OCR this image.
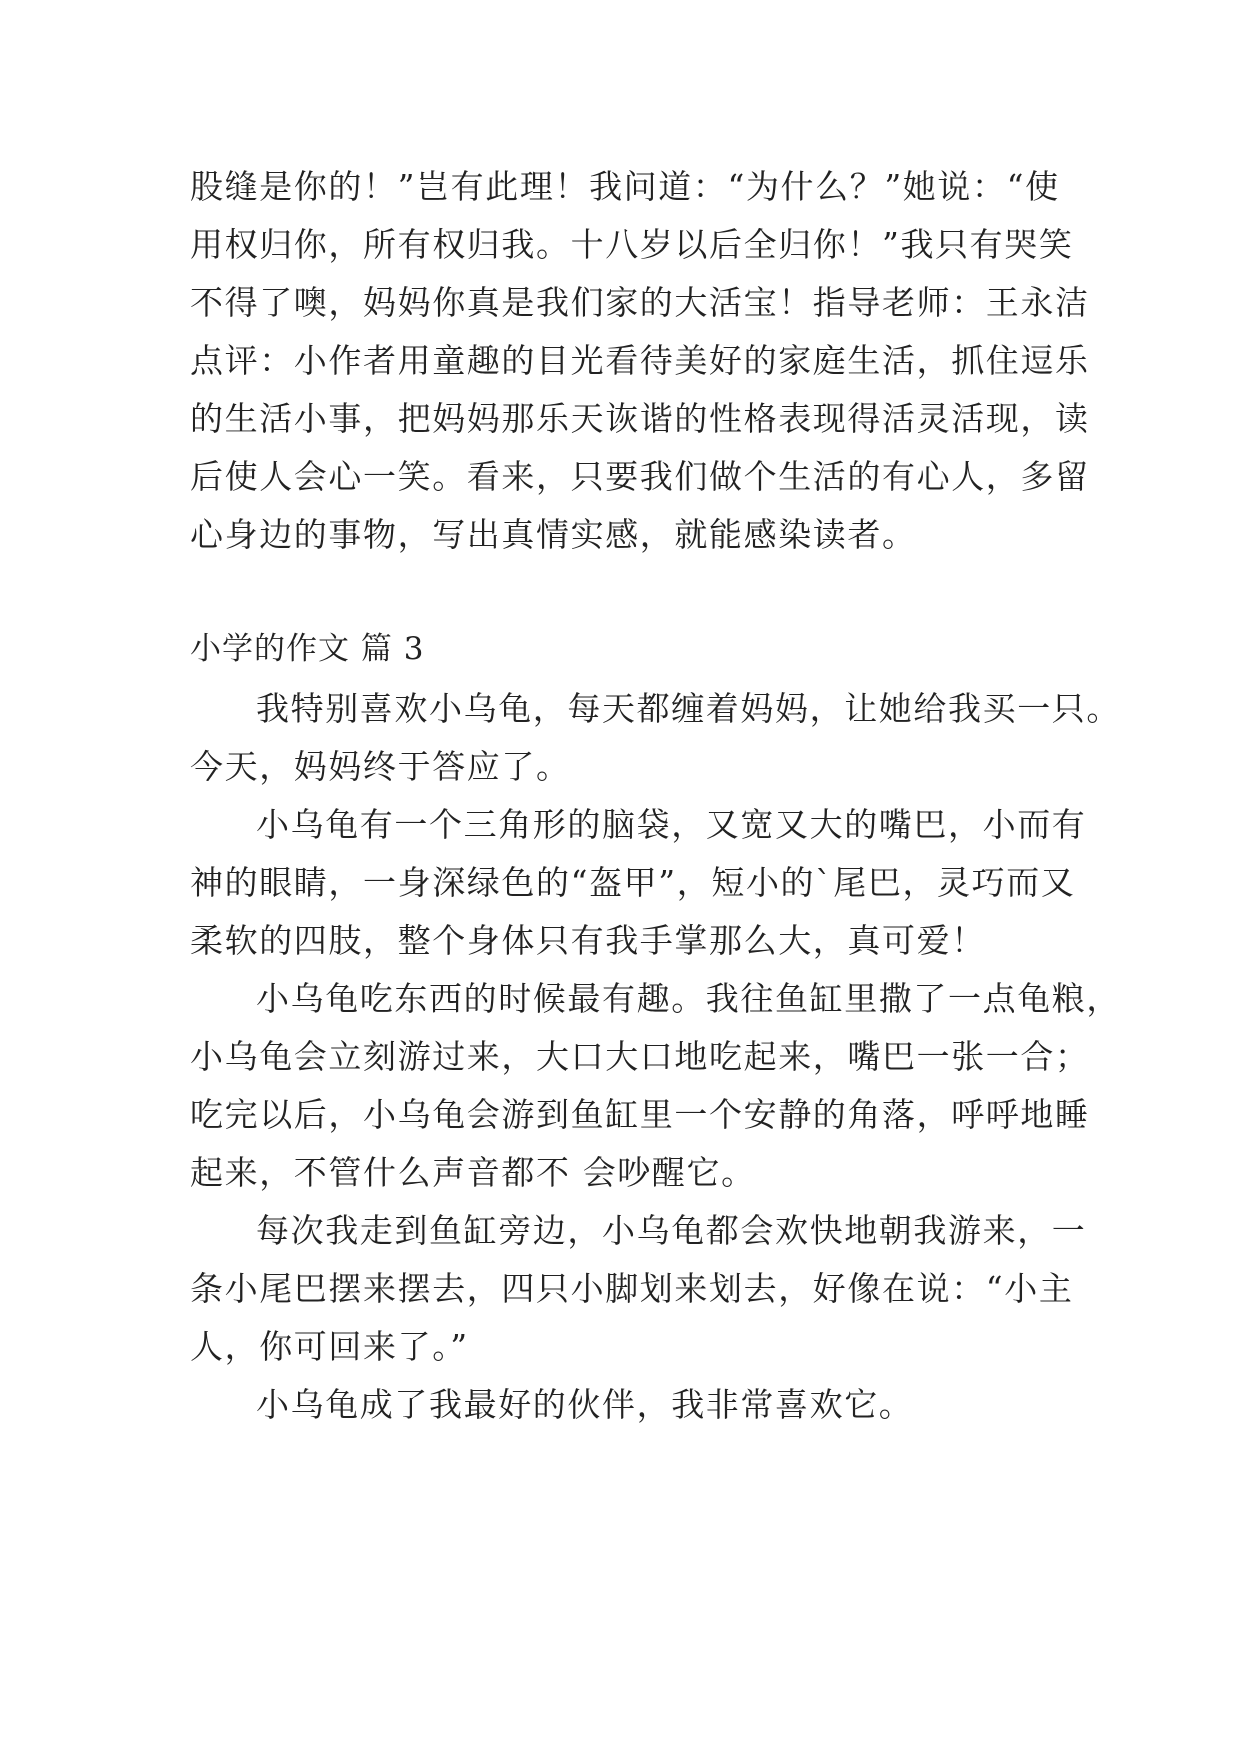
股缝是你的！”岂有此理！我问道：“为什么？”她说：“使
用权归你，所有权归我。十八岁以后全归你！”我只有哭笑
不得了噢，妈妈你真是我们家的大活宝！指导老师：王永洁
点评：小作者用童趣的目光看待美好的家庭生活，抓住逗乐
的生活小事，把妈妈那乐天诙谐的性格表现得活灵活现，读
后使人会心一笑。看来，只要我们做个生活的有心人，多留
心身边的事物，写出真情实感，就能感染读者。
小学的作文 篇 3
我特别喜欢小乌龟，每天都缠着妈妈，让她给我买一只。
今天，妈妈终于答应了。
小乌龟有一个三角形的脑袋，又宽又大的嘴巴，小而有
神的眼睛，一身深绿色的“盔甲”，短小的`尾巴，灵巧而又
柔软的四肢，整个身体只有我手掌那么大，真可爱！
小乌龟吃东西的时候最有趣。我往鱼缸里撒了一点龟粮，
小乌龟会立刻游过来，大口大口地吃起来，嘴巴一张一合；
吃完以后，小乌龟会游到鱼缸里一个安静的角落，呼呼地睡
起来，不管什么声音都不 会吵醒它。
每次我走到鱼缸旁边，小乌龟都会欢快地朝我游来，一
条小尾巴摆来摆去，四只小脚划来划去，好像在说：“小主
人，你可回来了。”
小乌龟成了我最好的伙伴，我非常喜欢它。
